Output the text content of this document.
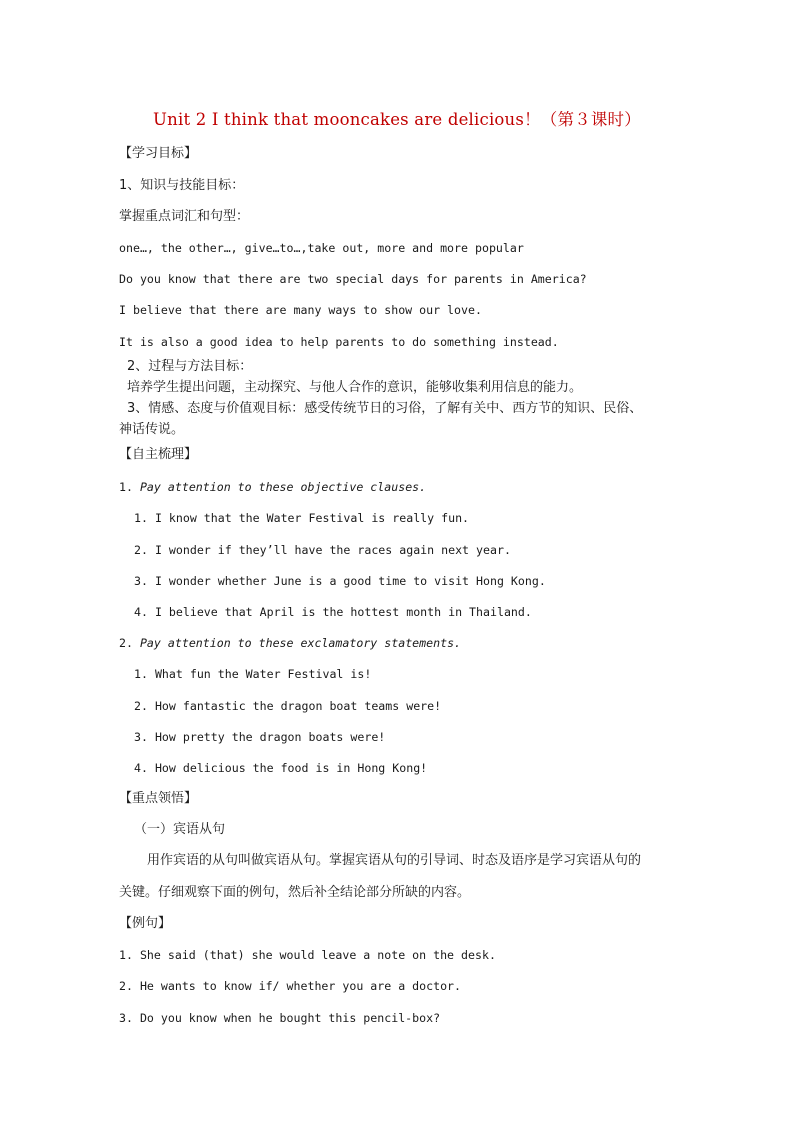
Unit 2 I think that mooncakes are delicious！（第３课时）
【学习目标】
1、知识与技能目标：
掌握重点词汇和句型：
one…, the other…, give…to…,take out, more and more popular
Do you know that there are two special days for parents in America?
I believe that there are many ways to show our love.
It is also a good idea to help parents to do something instead.
2、过程与方法目标：
培养学生提出问题，主动探究、与他人合作的意识，能够收集利用信息的能力。
3、情感、态度与价值观目标：感受传统节日的习俗，了解有关中、西方节的知识、民俗、
神话传说。
【自主梳理】
1. Pay attention to these objective clauses.
1. I know that the Water Festival is really fun.
2. I wonder if they’ll have the races again next year.
3. I wonder whether June is a good time to visit Hong Kong.
4. I believe that April is the hottest month in Thailand.
2. Pay attention to these exclamatory statements.
1. What fun the Water Festival is!
2. How fantastic the dragon boat teams were!
3. How pretty the dragon boats were!
4. How delicious the food is in Hong Kong!
【重点领悟】
（一）宾语从句
用作宾语的从句叫做宾语从句。掌握宾语从句的引导词、时态及语序是学习宾语从句的
关键。仔细观察下面的例句，然后补全结论部分所缺的内容。
【例句】
1. She said (that) she would leave a note on the desk.
2. He wants to know if/ whether you are a doctor.
3. Do you know when he bought this pencil-box?
